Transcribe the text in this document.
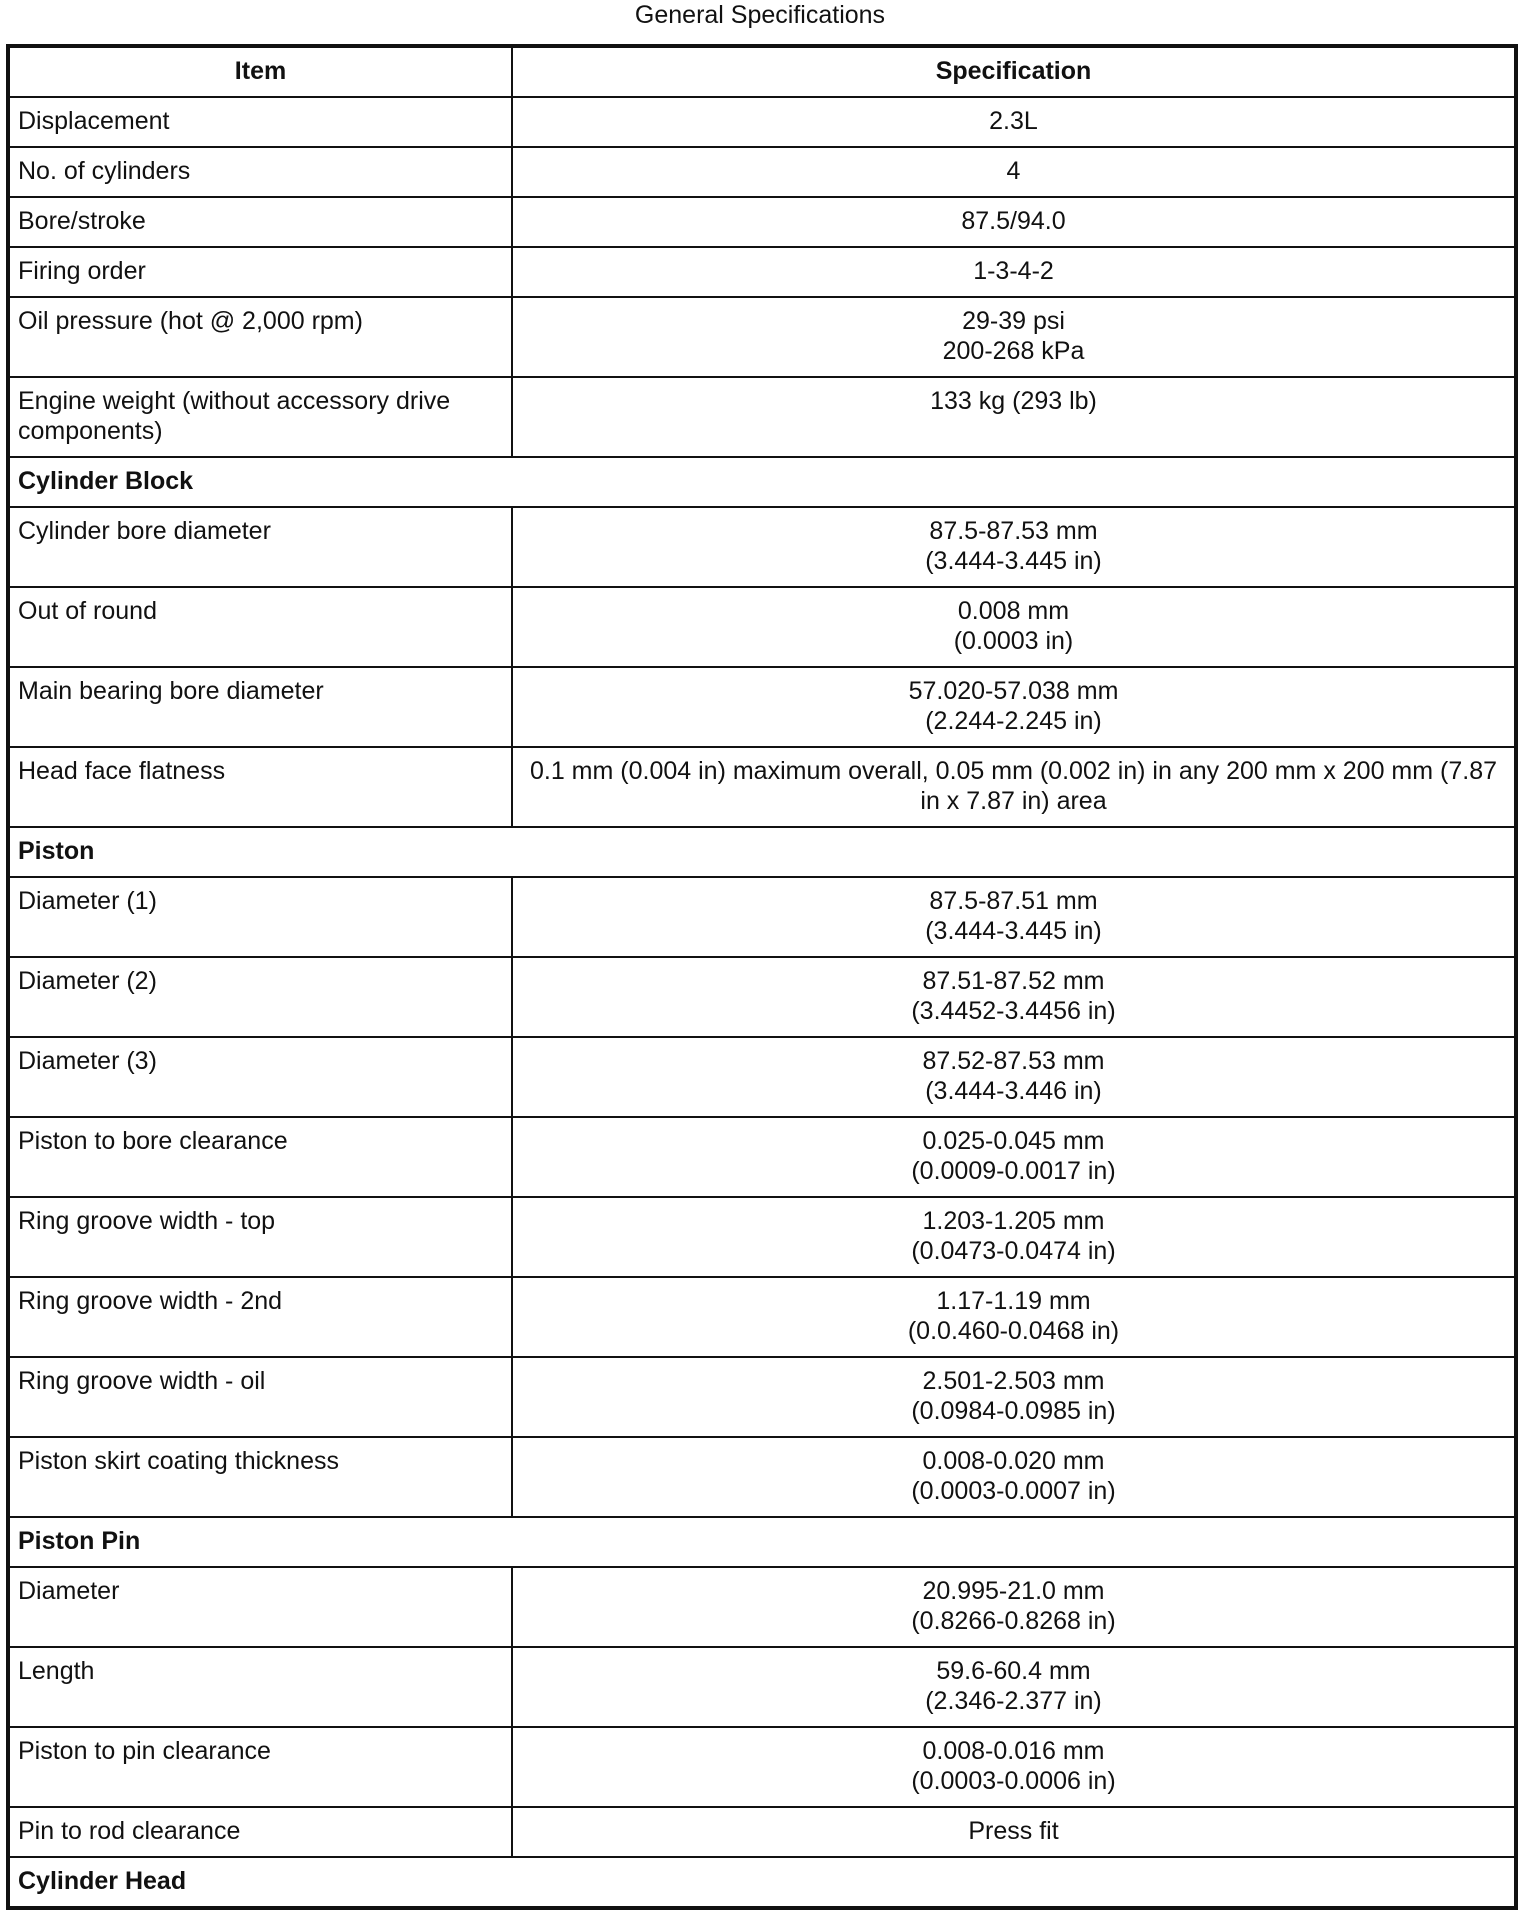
General Specifications
Item	Specification
Displacement	2.3L

No. of cylinders	4

Bore/stroke	87.5/94.0

Firing order	1-3-4-2

Oil pressure (hot @ 2,000 rpm)	29-39 psi
200-268 kPa

Engine weight (without accessory drive components)	133 kg (293 lb)

Cylinder Block	
Cylinder bore diameter	87.5-87.53 mm
(3.444-3.445 in)

Out of round	0.008 mm
(0.0003 in)

Main bearing bore diameter	57.020-57.038 mm
(2.244-2.245 in)

Head face flatness	0.1 mm (0.004 in) maximum overall, 0.05 mm (0.002 in) in any 200 mm x 200 mm (7.87 in x 7.87 in) area

Piston	
Diameter (1)	87.5-87.51 mm
(3.444-3.445 in)

Diameter (2)	87.51-87.52 mm
(3.4452-3.4456 in)

Diameter (3)	87.52-87.53 mm
(3.444-3.446 in)

Piston to bore clearance	0.025-0.045 mm
(0.0009-0.0017 in)

Ring groove width - top	1.203-1.205 mm
(0.0473-0.0474 in)

Ring groove width - 2nd	1.17-1.19 mm
(0.0.460-0.0468 in)

Ring groove width - oil	2.501-2.503 mm
(0.0984-0.0985 in)

Piston skirt coating thickness	0.008-0.020 mm
(0.0003-0.0007 in)

Piston Pin	
Diameter	20.995-21.0 mm
(0.8266-0.8268 in)

Length	59.6-60.4 mm
(2.346-2.377 in)

Piston to pin clearance	0.008-0.016 mm
(0.0003-0.0006 in)

Pin to rod clearance	Press fit

Cylinder Head	
